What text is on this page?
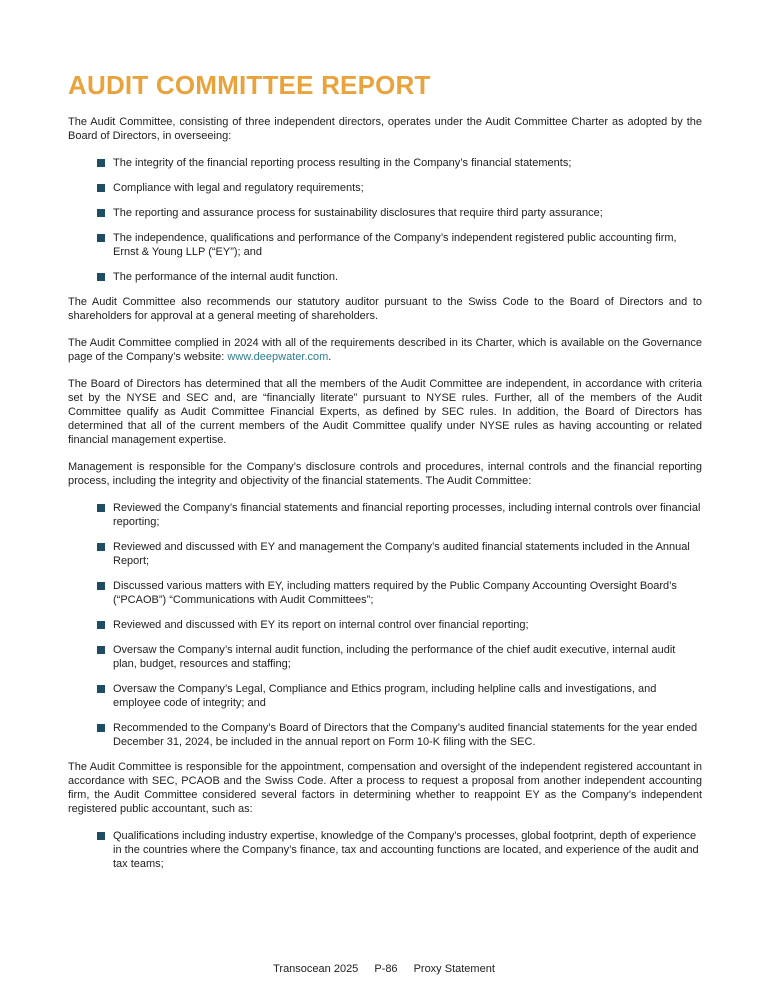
AUDIT COMMITTEE REPORT

The Audit Committee, consisting of three independent directors, operates under the Audit Committee Charter as adopted by the Board of Directors, in overseeing:

The integrity of the financial reporting process resulting in the Company’s financial statements;
Compliance with legal and regulatory requirements;
The reporting and assurance process for sustainability disclosures that require third party assurance;
The independence, qualifications and performance of the Company’s independent registered public accounting firm, Ernst & Young LLP (“EY”); and
The performance of the internal audit function.

The Audit Committee also recommends our statutory auditor pursuant to the Swiss Code to the Board of Directors and to shareholders for approval at a general meeting of shareholders.

The Audit Committee complied in 2024 with all of the requirements described in its Charter, which is available on the Governance page of the Company’s website: www.deepwater.com.

The Board of Directors has determined that all the members of the Audit Committee are independent, in accordance with criteria set by the NYSE and SEC and, are “financially literate” pursuant to NYSE rules. Further, all of the members of the Audit Committee qualify as Audit Committee Financial Experts, as defined by SEC rules. In addition, the Board of Directors has determined that all of the current members of the Audit Committee qualify under NYSE rules as having accounting or related financial management expertise.

Management is responsible for the Company’s disclosure controls and procedures, internal controls and the financial reporting process, including the integrity and objectivity of the financial statements. The Audit Committee:

Reviewed the Company’s financial statements and financial reporting processes, including internal controls over financial reporting;
Reviewed and discussed with EY and management the Company’s audited financial statements included in the Annual Report;
Discussed various matters with EY, including matters required by the Public Company Accounting Oversight Board’s (“PCAOB”) “Communications with Audit Committees”;
Reviewed and discussed with EY its report on internal control over financial reporting;
Oversaw the Company’s internal audit function, including the performance of the chief audit executive, internal audit plan, budget, resources and staffing;
Oversaw the Company’s Legal, Compliance and Ethics program, including helpline calls and investigations, and employee code of integrity; and
Recommended to the Company’s Board of Directors that the Company’s audited financial statements for the year ended December 31, 2024, be included in the annual report on Form 10-K filing with the SEC.

The Audit Committee is responsible for the appointment, compensation and oversight of the independent registered accountant in accordance with SEC, PCAOB and the Swiss Code. After a process to request a proposal from another independent accounting firm, the Audit Committee considered several factors in determining whether to reappoint EY as the Company’s independent registered public accountant, such as:

Qualifications including industry expertise, knowledge of the Company’s processes, global footprint, depth of experience in the countries where the Company’s finance, tax and accounting functions are located, and experience of the audit and tax teams;
Transocean 2025 P-86 Proxy Statement
